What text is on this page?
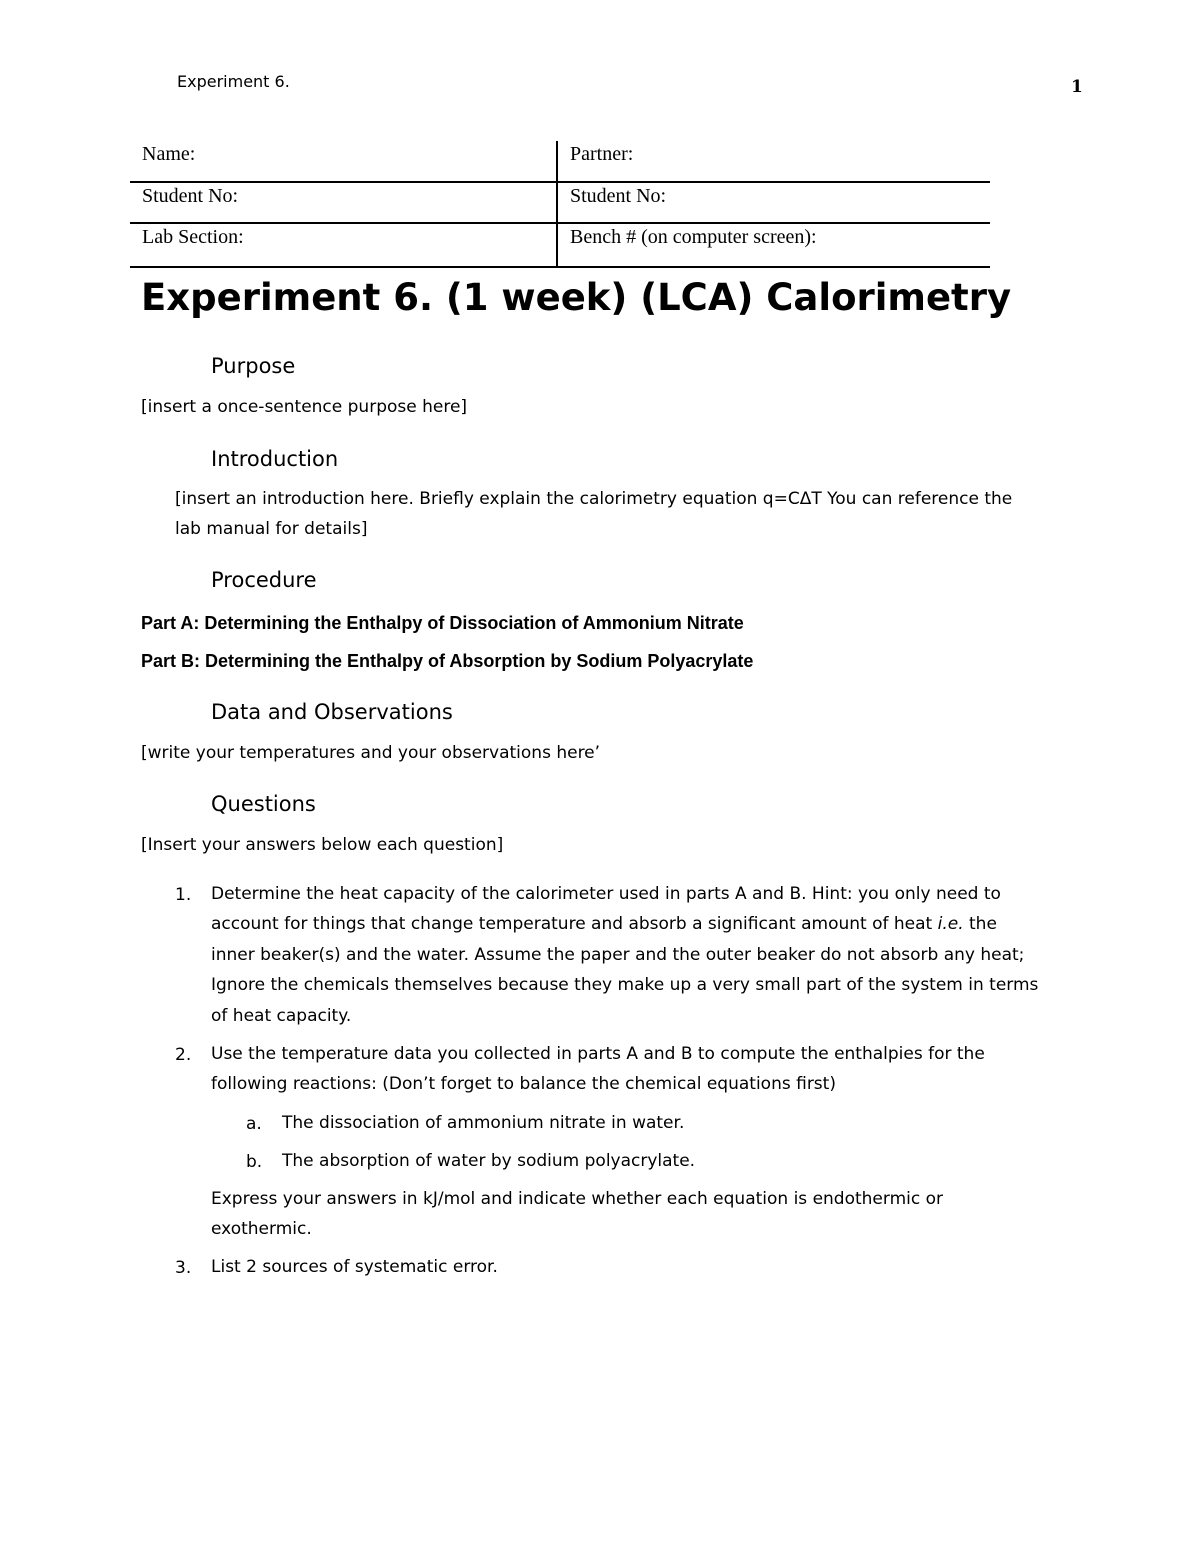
Experiment 6.	1
Name:	Partner:
Student No:	Student No:
Lab Section:	Bench # (on computer screen):
Experiment 6. (1 week) (LCA) Calorimetry
Purpose
[insert a once-sentence purpose here]
Introduction
[insert an introduction here. Briefly explain the calorimetry equation q=CΔT You can reference the
lab manual for details]
Procedure
Part A: Determining the Enthalpy of Dissociation of Ammonium Nitrate
Part B: Determining the Enthalpy of Absorption by Sodium Polyacrylate
Data and Observations
[write your temperatures and your observations here’
Questions
[Insert your answers below each question]
1. Determine the heat capacity of the calorimeter used in parts A and B. Hint: you only need to
account for things that change temperature and absorb a significant amount of heat i.e. the
inner beaker(s) and the water. Assume the paper and the outer beaker do not absorb any heat;
Ignore the chemicals themselves because they make up a very small part of the system in terms
of heat capacity.
2. Use the temperature data you collected in parts A and B to compute the enthalpies for the
following reactions: (Don’t forget to balance the chemical equations first)
a. The dissociation of ammonium nitrate in water.
b. The absorption of water by sodium polyacrylate.
Express your answers in kJ/mol and indicate whether each equation is endothermic or
exothermic.
3. List 2 sources of systematic error.
